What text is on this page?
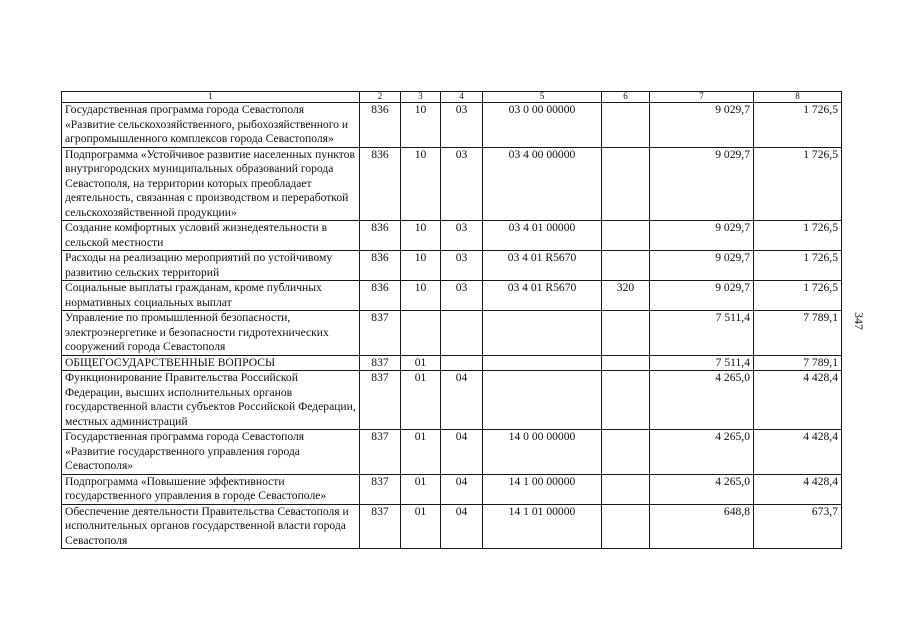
1	2	3	4	5	6	7	8
Государственная программа города Севастополя «Развитие сельскохозяйственного, рыбохозяйственного и агропромышленного комплексов города Севастополя»	836	10	03	03 0 00 00000		9 029,7	1 726,5
Подпрограмма «Устойчивое развитие населенных пунктов внутригородских муниципальных образований города Севастополя, на территории которых преобладает деятельность, связанная с производством и переработкой сельскохозяйственной продукции»	836	10	03	03 4 00 00000		9 029,7	1 726,5
Создание комфортных условий жизнедеятельности в сельской местности	836	10	03	03 4 01 00000		9 029,7	1 726,5
Расходы на реализацию мероприятий по устойчивому развитию сельских территорий	836	10	03	03 4 01 R5670		9 029,7	1 726,5
Социальные выплаты гражданам, кроме публичных нормативных социальных выплат	836	10	03	03 4 01 R5670	320	9 029,7	1 726,5
Управление по промышленной безопасности, электроэнергетике и безопасности гидротехнических сооружений города Севастополя	837					7 511,4	7 789,1
ОБЩЕГОСУДАРСТВЕННЫЕ ВОПРОСЫ	837	01				7 511,4	7 789,1
Функционирование Правительства Российской Федерации, высших исполнительных органов государственной власти субъектов Российской Федерации, местных администраций	837	01	04			4 265,0	4 428,4
Государственная программа города Севастополя «Развитие государственного управления города Севастополя»	837	01	04	14 0 00 00000		4 265,0	4 428,4
Подпрограмма «Повышение эффективности государственного управления в городе Севастополе»	837	01	04	14 1 00 00000		4 265,0	4 428,4
Обеспечение деятельности Правительства Севастополя и исполнительных органов государственной власти города Севастополя	837	01	04	14 1 01 00000		648,8	673,7
347
